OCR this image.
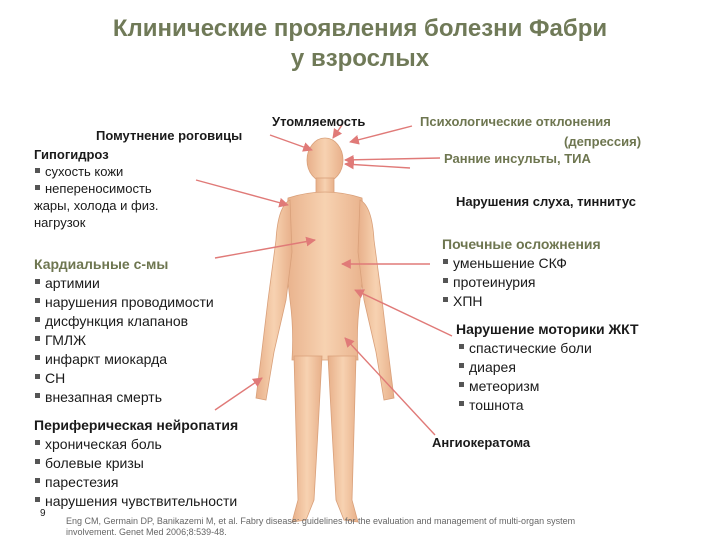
Клинические проявления болезни Фабри
у взрослых
Помутнение роговицы
Гипогидроз
сухость кожи
непереносимость
жары, холода и физ.
нагрузок
Кардиальные с-мы
артимии
нарушения проводимости
дисфункция клапанов
ГМЛЖ
инфаркт миокарда
СН
внезапная смерть
Периферическая нейропатия
хроническая боль
болевые кризы
парестезия
нарушения чувствительности
Утомляемость	Психологические отклонения
(депрессия)
Ранние инсульты, ТИА
Нарушения слуха, тиннитус
Почечные осложнения
уменьшение СКФ
протеинурия
ХПН
Нарушение моторики ЖКТ
спастические боли
диарея
метеоризм
тошнота
Ангиокератома
9
Eng CM, Germain DP, Banikazemi M, et al. Fabry disease: guidelines for the evaluation and management of multi-organ system involvement. Genet Med 2006;8:539-48.
